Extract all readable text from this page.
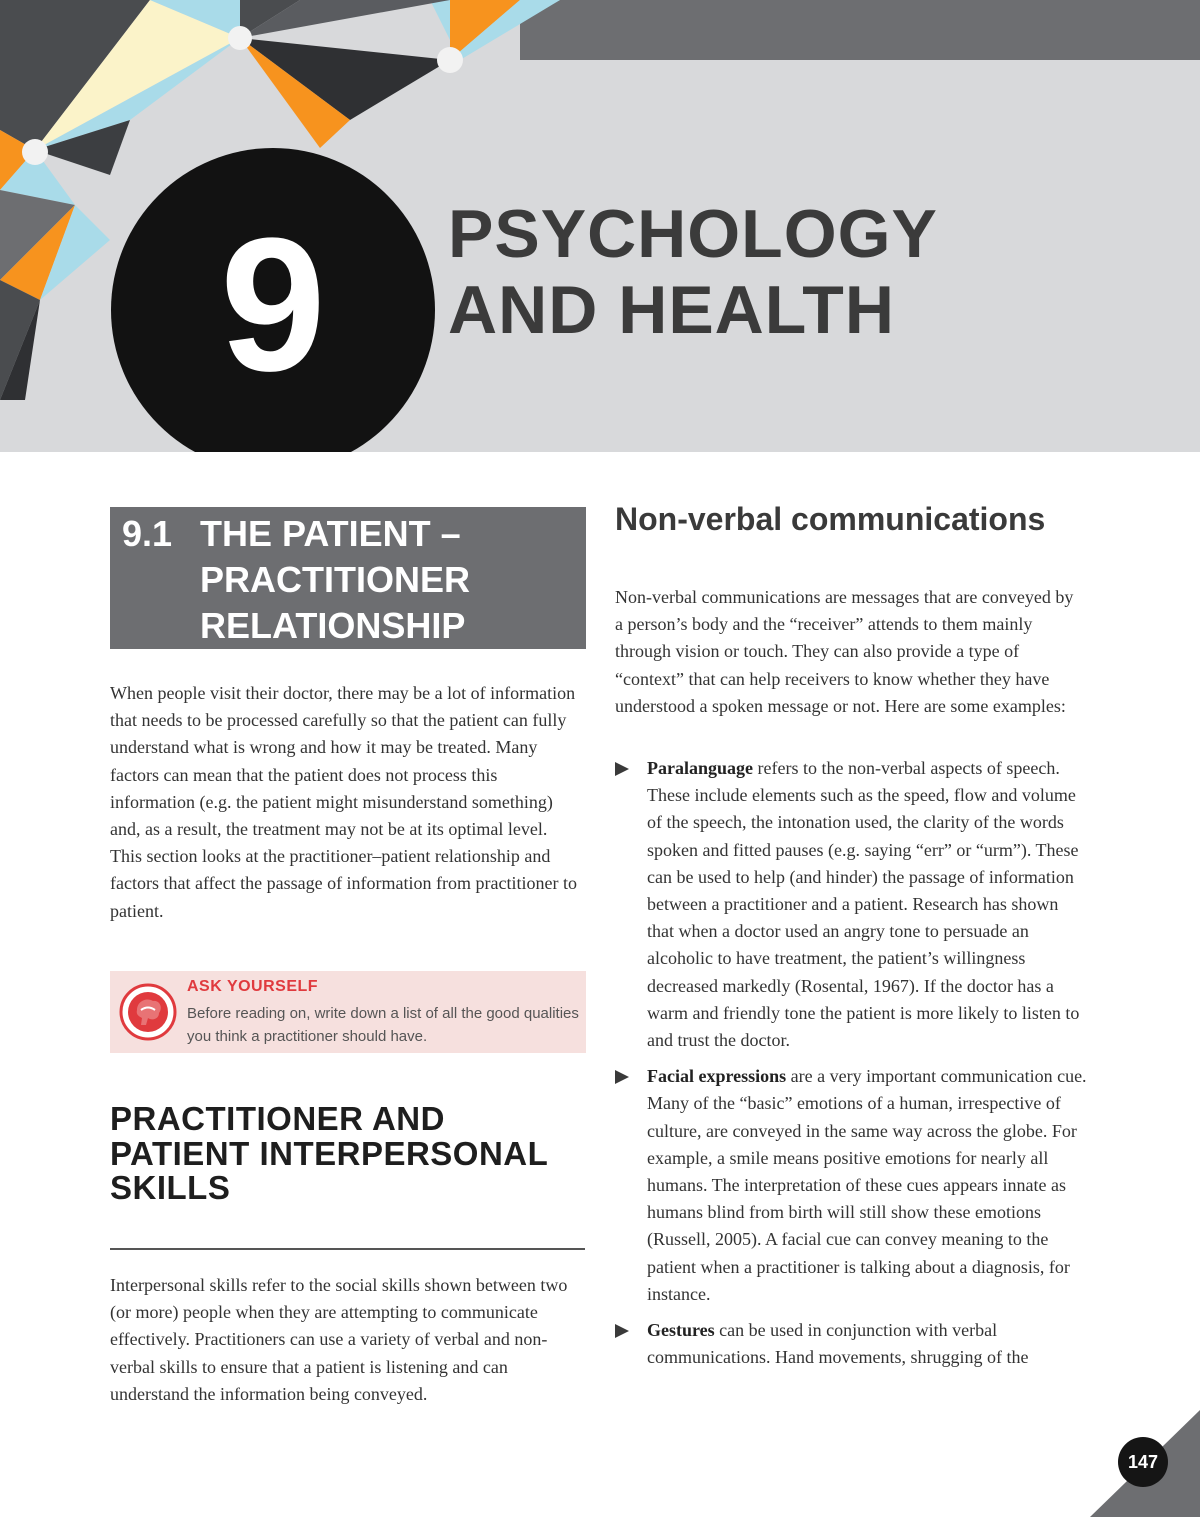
9 PSYCHOLOGY
AND HEALTH
9.1 THE PATIENT –
PRACTITIONER
RELATIONSHIP

When people visit their doctor, there may be a lot of information that needs to be processed carefully so that the patient can fully understand what is wrong and how it may be treated. Many factors can mean that the patient does not process this information (e.g. the patient might misunderstand something) and, as a result, the treatment may not be at its optimal level. This section looks at the practitioner–patient relationship and factors that affect the passage of information from practitioner to patient.

ASK YOURSELF
Before reading on, write down a list of all the good qualities you think a practitioner should have.
PRACTITIONER AND PATIENT INTERPERSONAL SKILLS

Interpersonal skills refer to the social skills shown between two (or more) people when they are attempting to communicate effectively. Practitioners can use a variety of verbal and non-verbal skills to ensure that a patient is listening and can understand the information being conveyed.

Non-verbal communications

Non-verbal communications are messages that are conveyed by a person’s body and the “receiver” attends to them mainly through vision or touch. They can also provide a type of “context” that can help receivers to know whether they have understood a spoken message or not. Here are some examples:

Paralanguage refers to the non-verbal aspects of speech. These include elements such as the speed, flow and volume of the speech, the intonation used, the clarity of the words spoken and fitted pauses (e.g. saying “err” or “urm”). These can be used to help (and hinder) the passage of information between a practitioner and a patient. Research has shown that when a doctor used an angry tone to persuade an alcoholic to have treatment, the patient’s willingness decreased markedly (Rosental, 1967). If the doctor has a warm and friendly tone the patient is more likely to listen to and trust the doctor.
Facial expressions are a very important communication cue. Many of the “basic” emotions of a human, irrespective of culture, are conveyed in the same way across the globe. For example, a smile means positive emotions for nearly all humans. The interpretation of these cues appears innate as humans blind from birth will still show these emotions (Russell, 2005). A facial cue can convey meaning to the patient when a practitioner is talking about a diagnosis, for instance.
Gestures can be used in conjunction with verbal communications. Hand movements, shrugging of the
147
